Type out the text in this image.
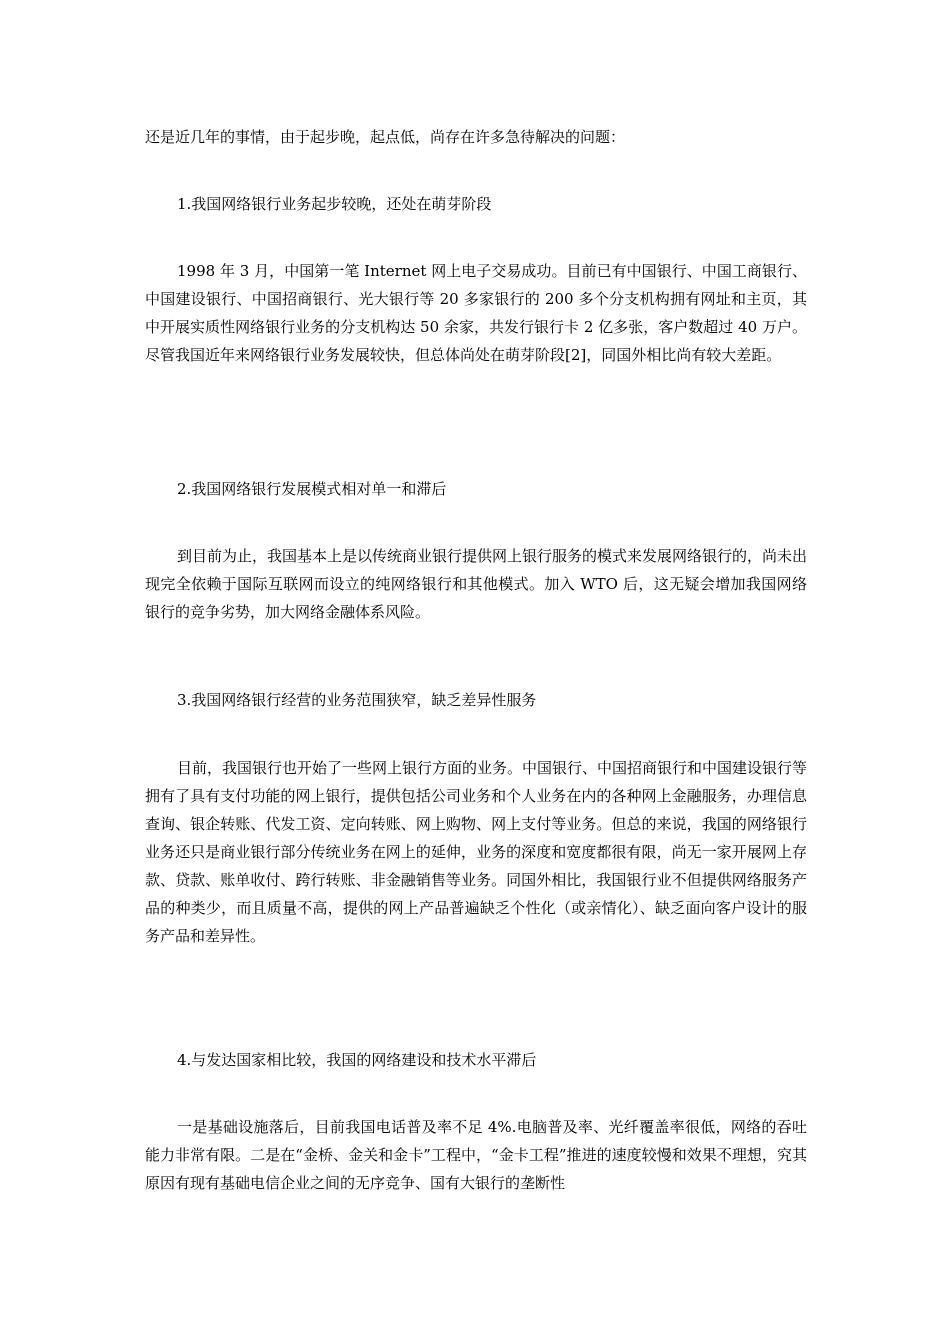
还是近几年的事情，由于起步晚，起点低，尚存在许多急待解决的问题：

1.我国网络银行业务起步较晚，还处在萌芽阶段

1998 年 3 月，中国第一笔 Internet 网上电子交易成功。目前已有中国银行、中国工商银行、中国建设银行、中国招商银行、光大银行等 20 多家银行的 200 多个分支机构拥有网址和主页，其中开展实质性网络银行业务的分支机构达 50 余家，共发行银行卡 2 亿多张，客户数超过 40 万户。尽管我国近年来网络银行业务发展较快，但总体尚处在萌芽阶段[2]，同国外相比尚有较大差距。

2.我国网络银行发展模式相对单一和滞后

到目前为止，我国基本上是以传统商业银行提供网上银行服务的模式来发展网络银行的，尚未出现完全依赖于国际互联网而设立的纯网络银行和其他模式。加入 WTO 后，这无疑会增加我国网络银行的竞争劣势，加大网络金融体系风险。

3.我国网络银行经营的业务范围狭窄，缺乏差异性服务

目前，我国银行也开始了一些网上银行方面的业务。中国银行、中国招商银行和中国建设银行等拥有了具有支付功能的网上银行，提供包括公司业务和个人业务在内的各种网上金融服务，办理信息查询、银企转账、代发工资、定向转账、网上购物、网上支付等业务。但总的来说，我国的网络银行业务还只是商业银行部分传统业务在网上的延伸，业务的深度和宽度都很有限，尚无一家开展网上存款、贷款、账单收付、跨行转账、非金融销售等业务。同国外相比，我国银行业不但提供网络服务产品的种类少，而且质量不高，提供的网上产品普遍缺乏个性化（或亲情化）、缺乏面向客户设计的服务产品和差异性。

4.与发达国家相比较，我国的网络建设和技术水平滞后

一是基础设施落后，目前我国电话普及率不足 4%.电脑普及率、光纤覆盖率很低，网络的吞吐能力非常有限。二是在“金桥、金关和金卡”工程中，“金卡工程”推进的速度较慢和效果不理想，究其原因有现有基础电信企业之间的无序竞争、国有大银行的垄断性
